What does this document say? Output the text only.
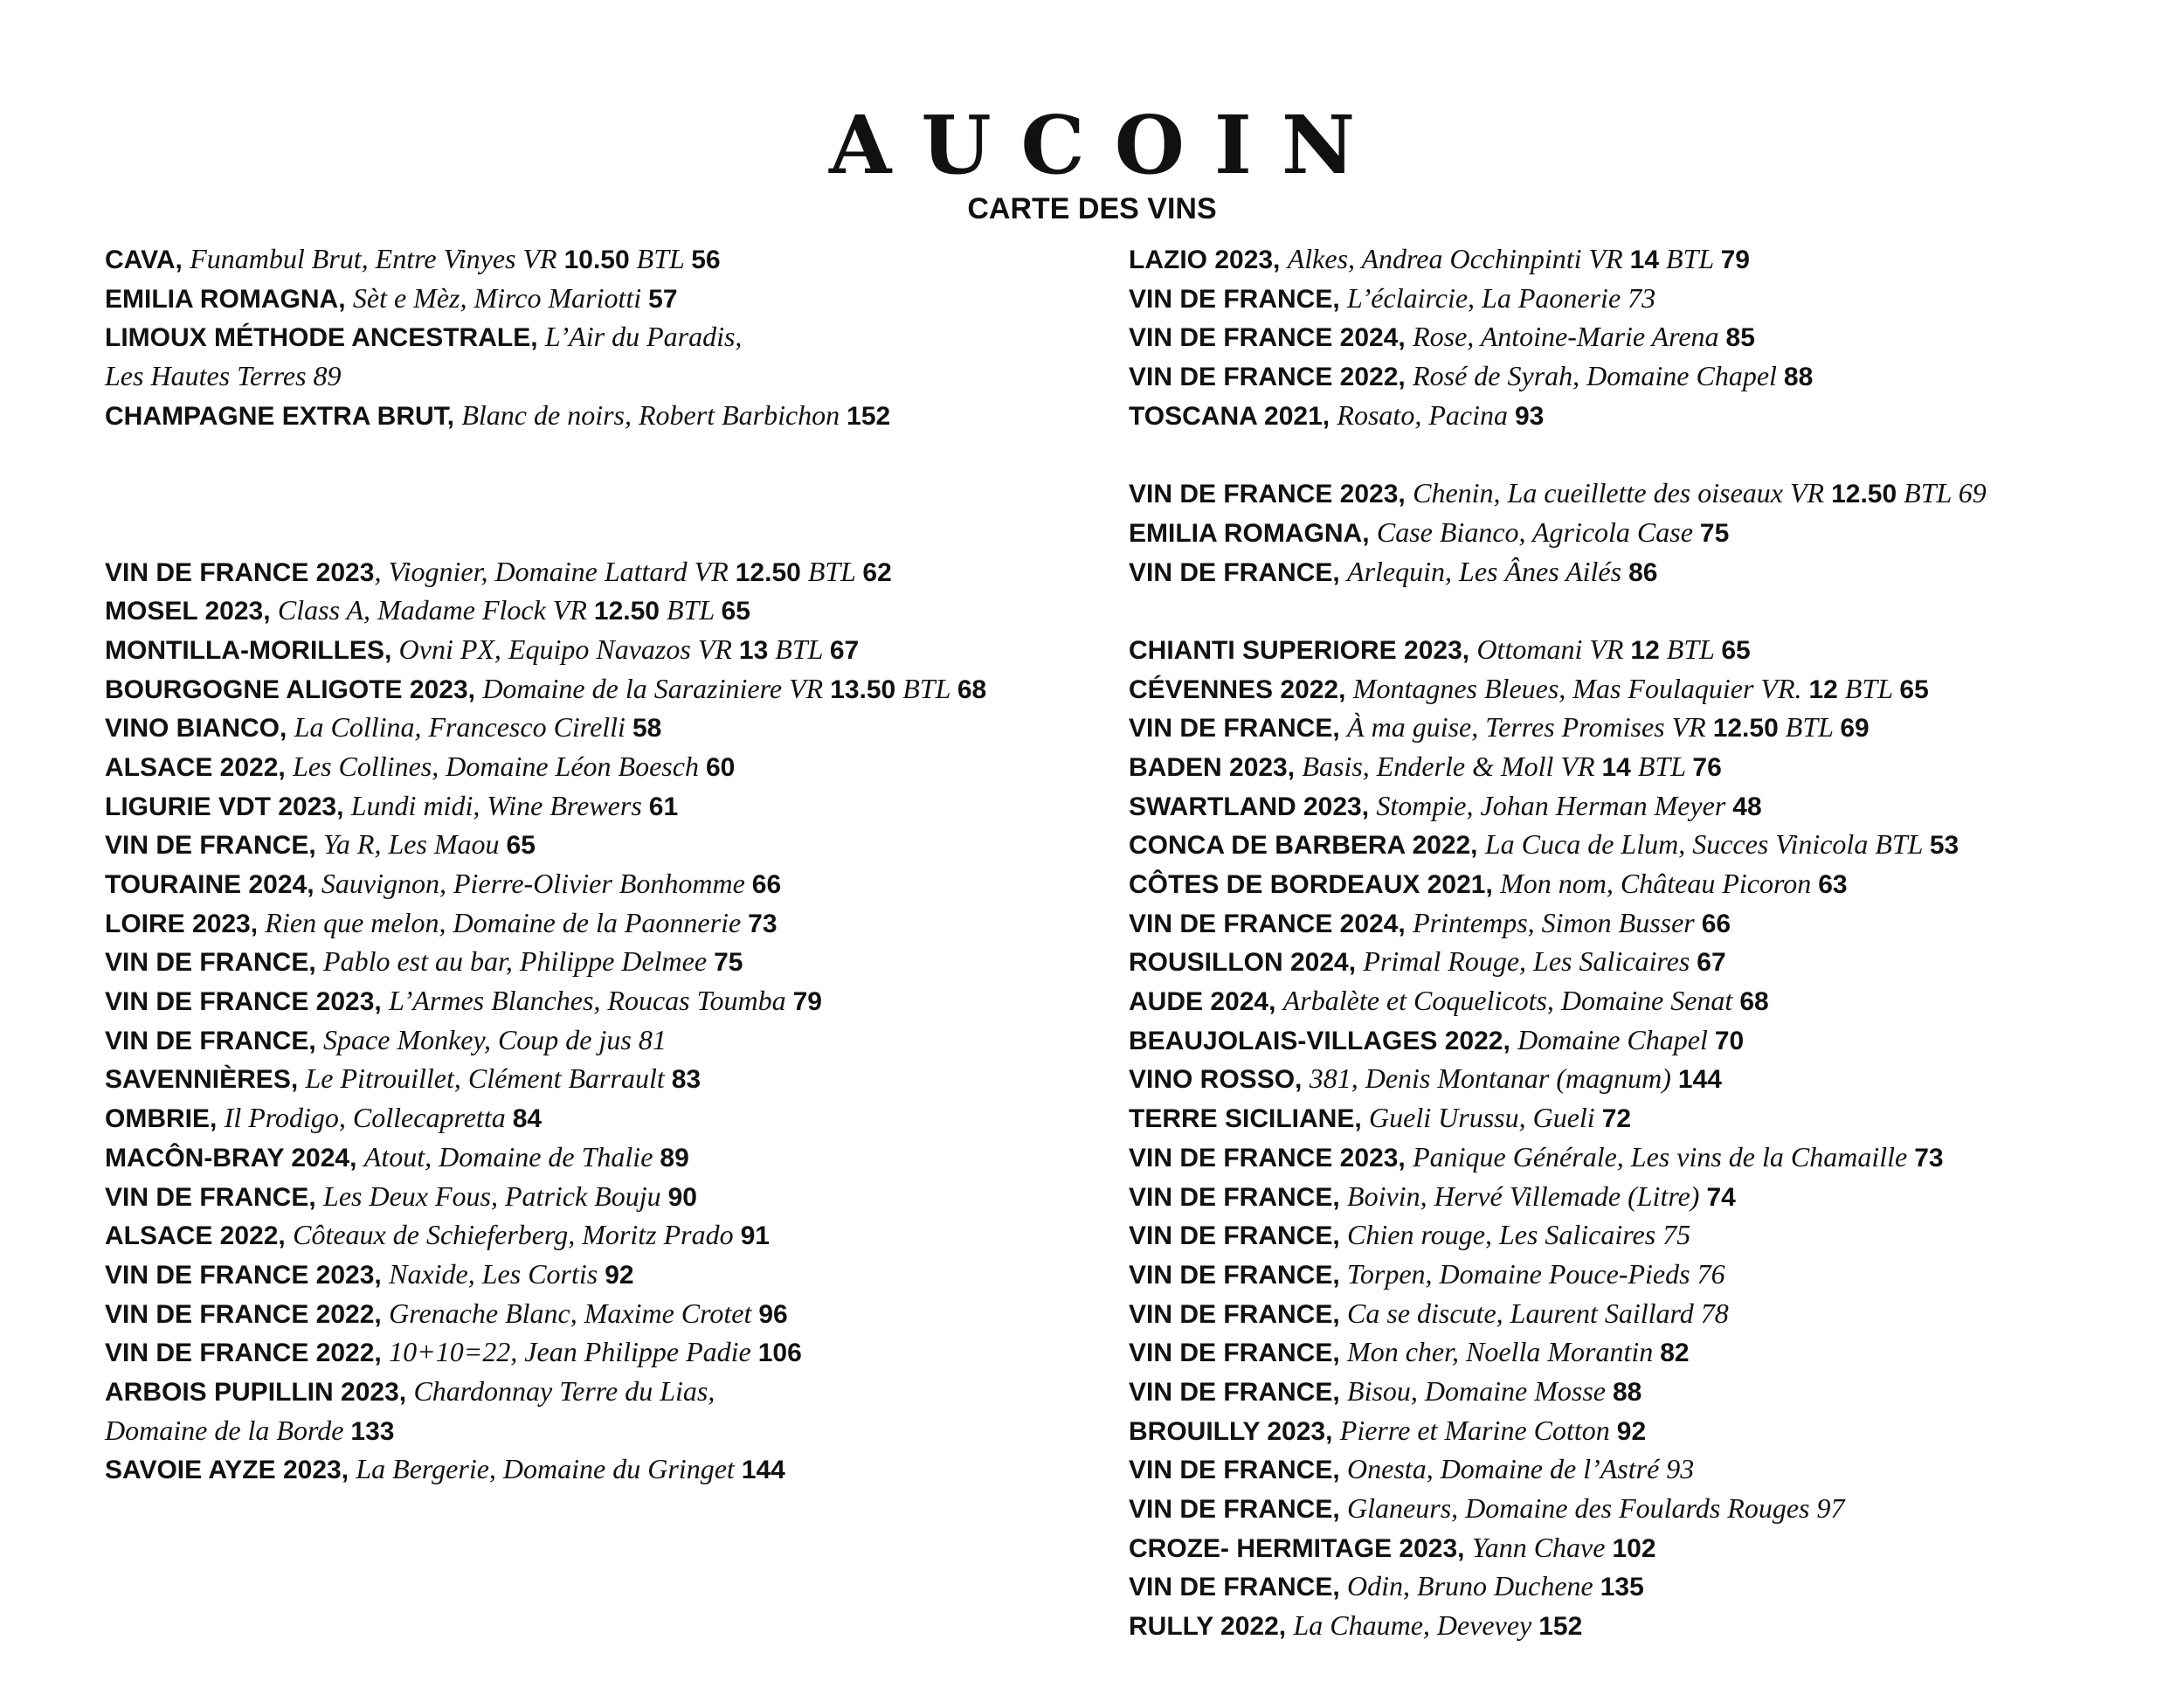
AUCOIN
CARTE DES VINS
CAVA, Funambul Brut, Entre Vinyes VR 10.50 BTL 56
EMILIA ROMAGNA, Sèt e Mèz, Mirco Mariotti 57
LIMOUX MÉTHODE ANCESTRALE, L’Air du Paradis,
Les Hautes Terres 89
CHAMPAGNE EXTRA BRUT, Blanc de noirs, Robert Barbichon 152
VIN DE FRANCE 2023, Viognier, Domaine Lattard VR 12.50 BTL 62
MOSEL 2023, Class A, Madame Flock VR 12.50 BTL 65
MONTILLA-MORILLES, Ovni PX, Equipo Navazos VR 13 BTL 67
BOURGOGNE ALIGOTE 2023, Domaine de la Saraziniere VR 13.50 BTL 68
VINO BIANCO, La Collina, Francesco Cirelli 58
ALSACE 2022, Les Collines, Domaine Léon Boesch 60
LIGURIE VDT 2023, Lundi midi, Wine Brewers 61
VIN DE FRANCE, Ya R, Les Maou 65
TOURAINE 2024, Sauvignon, Pierre-Olivier Bonhomme 66
LOIRE 2023, Rien que melon, Domaine de la Paonnerie 73
VIN DE FRANCE, Pablo est au bar, Philippe Delmee 75
VIN DE FRANCE 2023, L’Armes Blanches, Roucas Toumba 79
VIN DE FRANCE, Space Monkey, Coup de jus 81
SAVENNIÈRES, Le Pitrouillet, Clément Barrault 83
OMBRIE, Il Prodigo, Collecapretta 84
MACÔN-BRAY 2024, Atout, Domaine de Thalie 89
VIN DE FRANCE, Les Deux Fous, Patrick Bouju 90
ALSACE 2022, Côteaux de Schieferberg, Moritz Prado 91
VIN DE FRANCE 2023, Naxide, Les Cortis 92
VIN DE FRANCE 2022, Grenache Blanc, Maxime Crotet 96
VIN DE FRANCE 2022, 10+10=22, Jean Philippe Padie 106
ARBOIS PUPILLIN 2023, Chardonnay Terre du Lias,
Domaine de la Borde 133
SAVOIE AYZE 2023, La Bergerie, Domaine du Gringet 144
LAZIO 2023, Alkes, Andrea Occhinpinti VR 14 BTL 79
VIN DE FRANCE, L’éclaircie, La Paonerie 73
VIN DE FRANCE 2024, Rose, Antoine-Marie Arena 85
VIN DE FRANCE 2022, Rosé de Syrah, Domaine Chapel 88
TOSCANA 2021, Rosato, Pacina 93
VIN DE FRANCE 2023, Chenin, La cueillette des oiseaux VR 12.50 BTL 69
EMILIA ROMAGNA, Case Bianco, Agricola Case 75
VIN DE FRANCE, Arlequin, Les Ânes Ailés 86
CHIANTI SUPERIORE 2023, Ottomani VR 12 BTL 65
CÉVENNES 2022, Montagnes Bleues, Mas Foulaquier VR. 12 BTL 65
VIN DE FRANCE, À ma guise, Terres Promises VR 12.50 BTL 69
BADEN 2023, Basis, Enderle & Moll VR 14 BTL 76
SWARTLAND 2023, Stompie, Johan Herman Meyer 48
CONCA DE BARBERA 2022, La Cuca de Llum, Succes Vinicola BTL 53
CÔTES DE BORDEAUX 2021, Mon nom, Château Picoron 63
VIN DE FRANCE 2024, Printemps, Simon Busser 66
ROUSILLON 2024, Primal Rouge, Les Salicaires 67
AUDE 2024, Arbalète et Coquelicots, Domaine Senat 68
BEAUJOLAIS-VILLAGES 2022, Domaine Chapel 70
VINO ROSSO, 381, Denis Montanar (magnum) 144
TERRE SICILIANE, Gueli Urussu, Gueli 72
VIN DE FRANCE 2023, Panique Générale, Les vins de la Chamaille 73
VIN DE FRANCE, Boivin, Hervé Villemade (Litre) 74
VIN DE FRANCE, Chien rouge, Les Salicaires 75
VIN DE FRANCE, Torpen, Domaine Pouce-Pieds 76
VIN DE FRANCE, Ca se discute, Laurent Saillard 78
VIN DE FRANCE, Mon cher, Noella Morantin 82
VIN DE FRANCE, Bisou, Domaine Mosse 88
BROUILLY 2023, Pierre et Marine Cotton 92
VIN DE FRANCE, Onesta, Domaine de l’Astré 93
VIN DE FRANCE, Glaneurs, Domaine des Foulards Rouges 97
CROZE- HERMITAGE 2023, Yann Chave 102
VIN DE FRANCE, Odin, Bruno Duchene 135
RULLY 2022, La Chaume, Devevey 152
